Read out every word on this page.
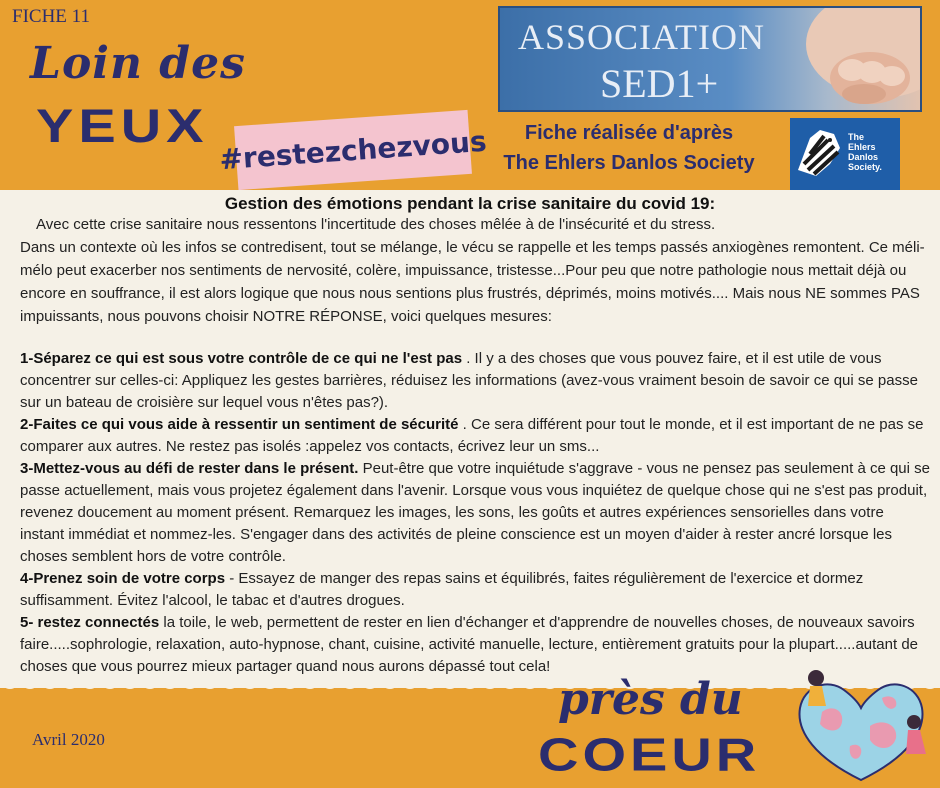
FICHE 11
Loin des
YEUX #restezchezvous
ASSOCIATION
SED1+
Fiche réalisée d'après
The Ehlers Danlos Society
The
Ehlers
Danlos
Society.
Gestion des émotions pendant la crise sanitaire du covid 19:
Avec cette crise sanitaire nous ressentons l'incertitude des choses mêlée à de l'insécurité et du stress.
Dans un contexte où les infos se contredisent, tout se mélange, le vécu se rappelle et les temps passés anxiogènes remontent. Ce méli-mélo peut exacerber nos sentiments de nervosité, colère, impuissance, tristesse...Pour peu que notre pathologie nous mettait déjà ou encore en souffrance, il est alors logique que nous nous sentions plus frustrés, déprimés, moins motivés.... Mais nous NE sommes PAS impuissants, nous pouvons choisir NOTRE RÉPONSE, voici quelques mesures:

1-Séparez ce qui est sous votre contrôle de ce qui ne l'est pas . Il y a des choses que vous pouvez faire, et il est utile de vous concentrer sur celles-ci: Appliquez les gestes barrières, réduisez les informations (avez-vous vraiment besoin de savoir ce qui se passe sur un bateau de croisière sur lequel vous n'êtes pas?).

2-Faites ce qui vous aide à ressentir un sentiment de sécurité . Ce sera différent pour tout le monde, et il est important de ne pas se comparer aux autres. Ne restez pas isolés :appelez vos contacts, écrivez leur un sms...

3-Mettez-vous au défi de rester dans le présent. Peut-être que votre inquiétude s'aggrave - vous ne pensez pas seulement à ce qui se passe actuellement, mais vous projetez également dans l'avenir. Lorsque vous vous inquiétez de quelque chose qui ne s'est pas produit, revenez doucement au moment présent. Remarquez les images, les sons, les goûts et autres expériences sensorielles dans votre instant immédiat et nommez-les. S'engager dans des activités de pleine conscience est un moyen d'aider à rester ancré lorsque les choses semblent hors de votre contrôle.

4-Prenez soin de votre corps - Essayez de manger des repas sains et équilibrés, faites régulièrement de l'exercice et dormez suffisamment. Évitez l'alcool, le tabac et d'autres drogues.

5- restez connectés la toile, le web, permettent de rester en lien d'échanger et d'apprendre de nouvelles choses, de nouveaux savoirs faire.....sophrologie, relaxation, auto-hypnose, chant, cuisine, activité manuelle, lecture, entièrement gratuits pour la plupart.....autant de choses que vous pourrez mieux partager quand nous aurons dépassé tout cela!

Avril 2020
près du
COEUR
